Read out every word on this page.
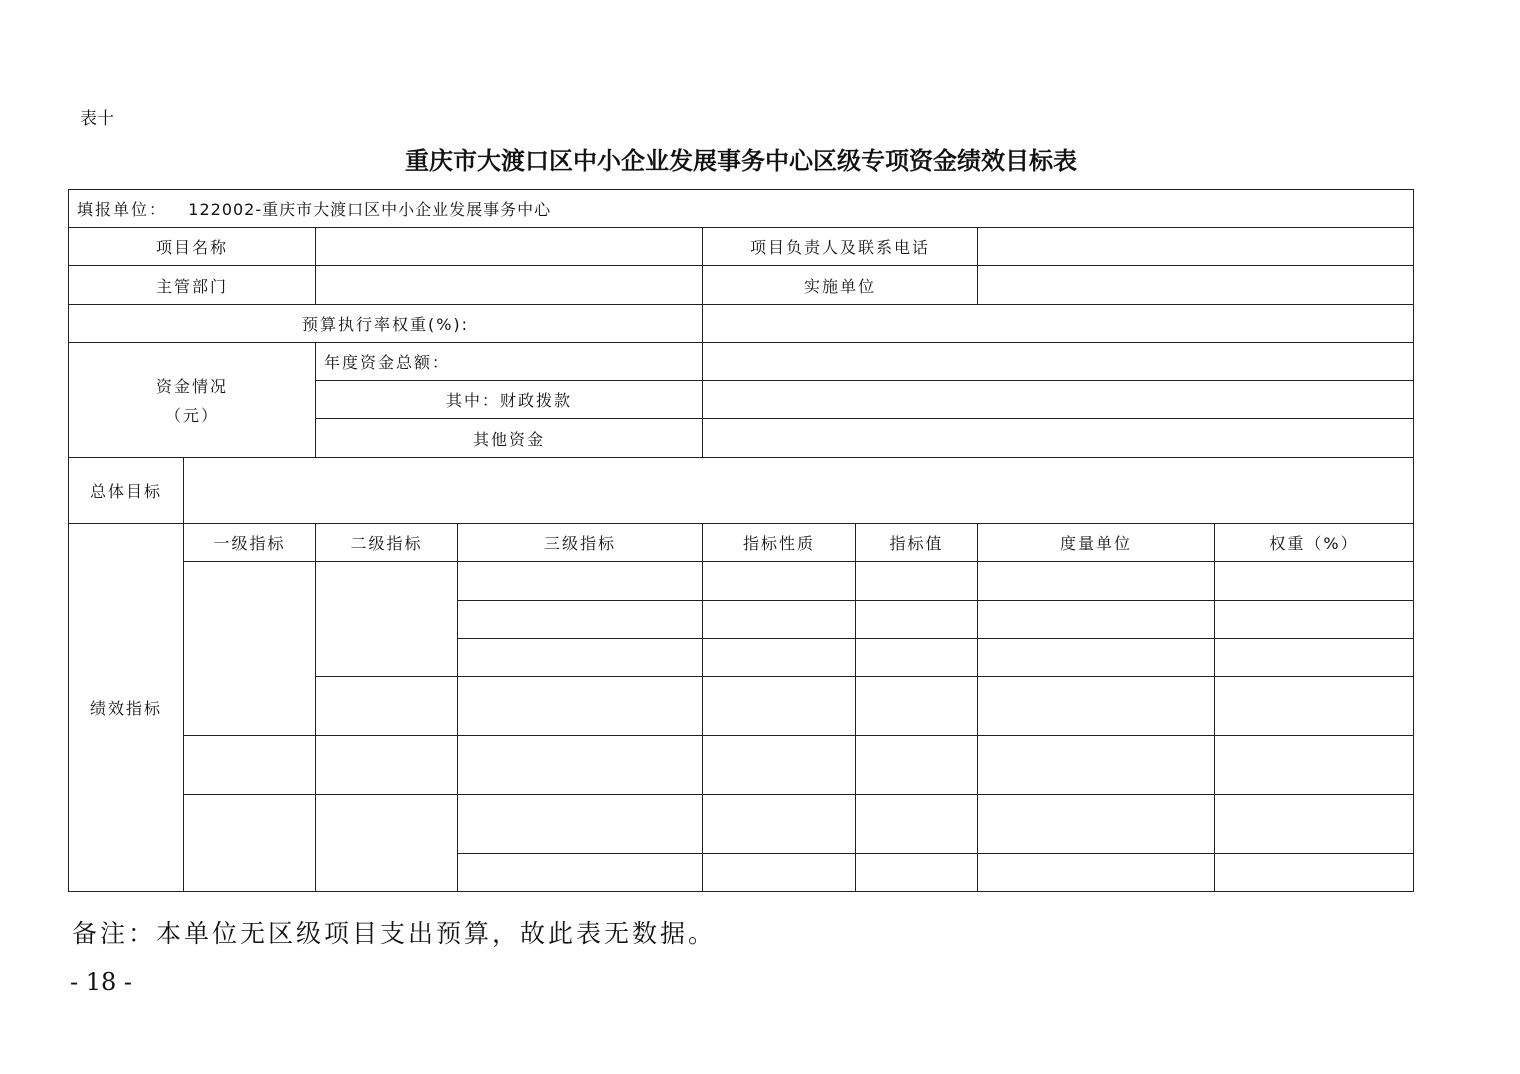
表十
重庆市大渡口区中小企业发展事务中心区级专项资金绩效目标表
填报单位： 122002-重庆市大渡口区中小企业发展事务中心							
项目名称				项目负责人及联系电话			
主管部门				实施单位			
预算执行率权重(%):							

资金情况
（元）		年度资金总额：					
		其中：财政拨款					
		其他资金					
总体目标							
绩效指标	一级指标	二级指标	三级指标	指标性质	指标值	度量单位	权重（%）

备注：本单位无区级项目支出预算，故此表无数据。
- 18 -
